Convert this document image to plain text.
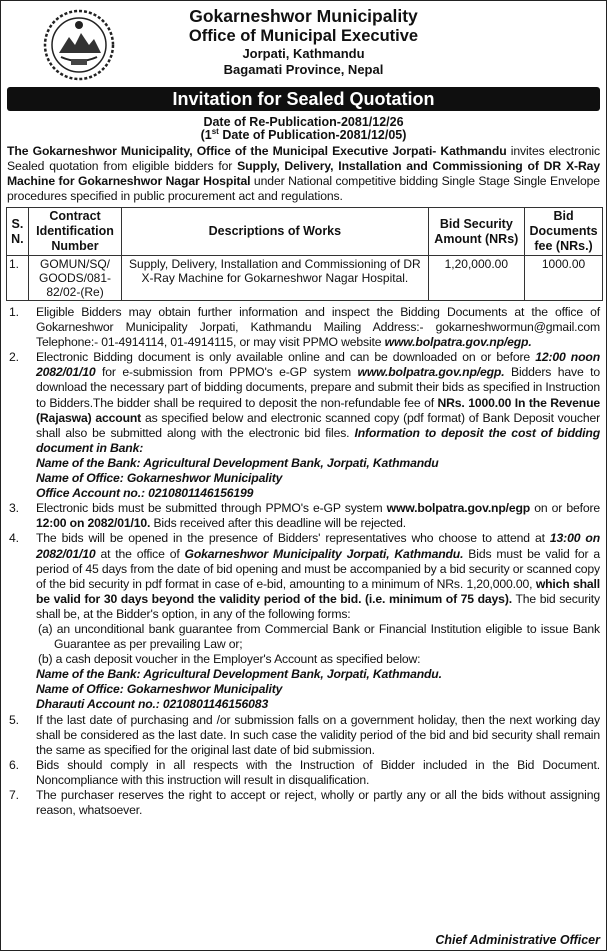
Gokarneshwor Municipality
Office of Municipal Executive
Jorpati, Kathmandu
Bagamati Province, Nepal
Invitation for Sealed Quotation
Date of Re-Publication-2081/12/26
(1st Date of Publication-2081/12/05)
The Gokarneshwor Municipality, Office of the Municipal Executive Jorpati- Kathmandu invites electronic Sealed quotation from eligible bidders for Supply, Delivery, Installation and Commissioning of DR X-Ray Machine for Gokarneshwor Nagar Hospital under National competitive bidding Single Stage Single Envelope procedures specified in public procurement act and regulations.
S. N.	Contract Identification Number	Descriptions of Works	Bid Security Amount (NRs)	Bid Documents fee (NRs.)
1.	GOMUN/SQ/ GOODS/081-82/02-(Re)	Supply, Delivery, Installation and Commissioning of DR X-Ray Machine for Gokarneshwor Nagar Hospital.	1,20,000.00	1000.00
1. Eligible Bidders may obtain further information and inspect the Bidding Documents at the office of Gokarneshwor Municipality Jorpati, Kathmandu Mailing Address:- gokarneshwormun@gmail.com Telephone:- 01-4914114, 01-4914115, or may visit PPMO website www.bolpatra.gov.np/egp.
2. Electronic Bidding document is only available online and can be downloaded on or before 12:00 noon 2082/01/10 for e-submission from PPMO's e-GP system www.bolpatra.gov.np/egp. Bidders have to download the necessary part of bidding documents, prepare and submit their bids as specified in Instruction to Bidders.The bidder shall be required to deposit the non-refundable fee of NRs. 1000.00 In the Revenue (Rajaswa) account as specified below and electronic scanned copy (pdf format) of Bank Deposit voucher shall also be submitted along with the electronic bid files. Information to deposit the cost of bidding document in Bank:
Name of the Bank: Agricultural Development Bank, Jorpati, Kathmandu
Name of Office: Gokarneshwor Municipality
Office Account no.: 0210801146156199
3. Electronic bids must be submitted through PPMO's e-GP system www.bolpatra.gov.np/egp on or before 12:00 on 2082/01/10. Bids received after this deadline will be rejected.
4. The bids will be opened in the presence of Bidders' representatives who choose to attend at 13:00 on 2082/01/10 at the office of Gokarneshwor Municipality Jorpati, Kathmandu. Bids must be valid for a period of 45 days from the date of bid opening and must be accompanied by a bid security or scanned copy of the bid security in pdf format in case of e-bid, amounting to a minimum of NRs. 1,20,000.00, which shall be valid for 30 days beyond the validity period of the bid. (i.e. minimum of 75 days). The bid security shall be, at the Bidder's option, in any of the following forms:
(a) an unconditional bank guarantee from Commercial Bank or Financial Institution eligible to issue Bank Guarantee as per prevailing Law or;
(b) a cash deposit voucher in the Employer's Account as specified below:
Name of the Bank: Agricultural Development Bank, Jorpati, Kathmandu.
Name of Office: Gokarneshwor Municipality
Dharauti Account no.: 0210801146156083
5. If the last date of purchasing and /or submission falls on a government holiday, then the next working day shall be considered as the last date. In such case the validity period of the bid and bid security shall remain the same as specified for the original last date of bid submission.
6. Bids should comply in all respects with the Instruction of Bidder included in the Bid Document. Noncompliance with this instruction will result in disqualification.
7. The purchaser reserves the right to accept or reject, wholly or partly any or all the bids without assigning reason, whatsoever.
Chief Administrative Officer
